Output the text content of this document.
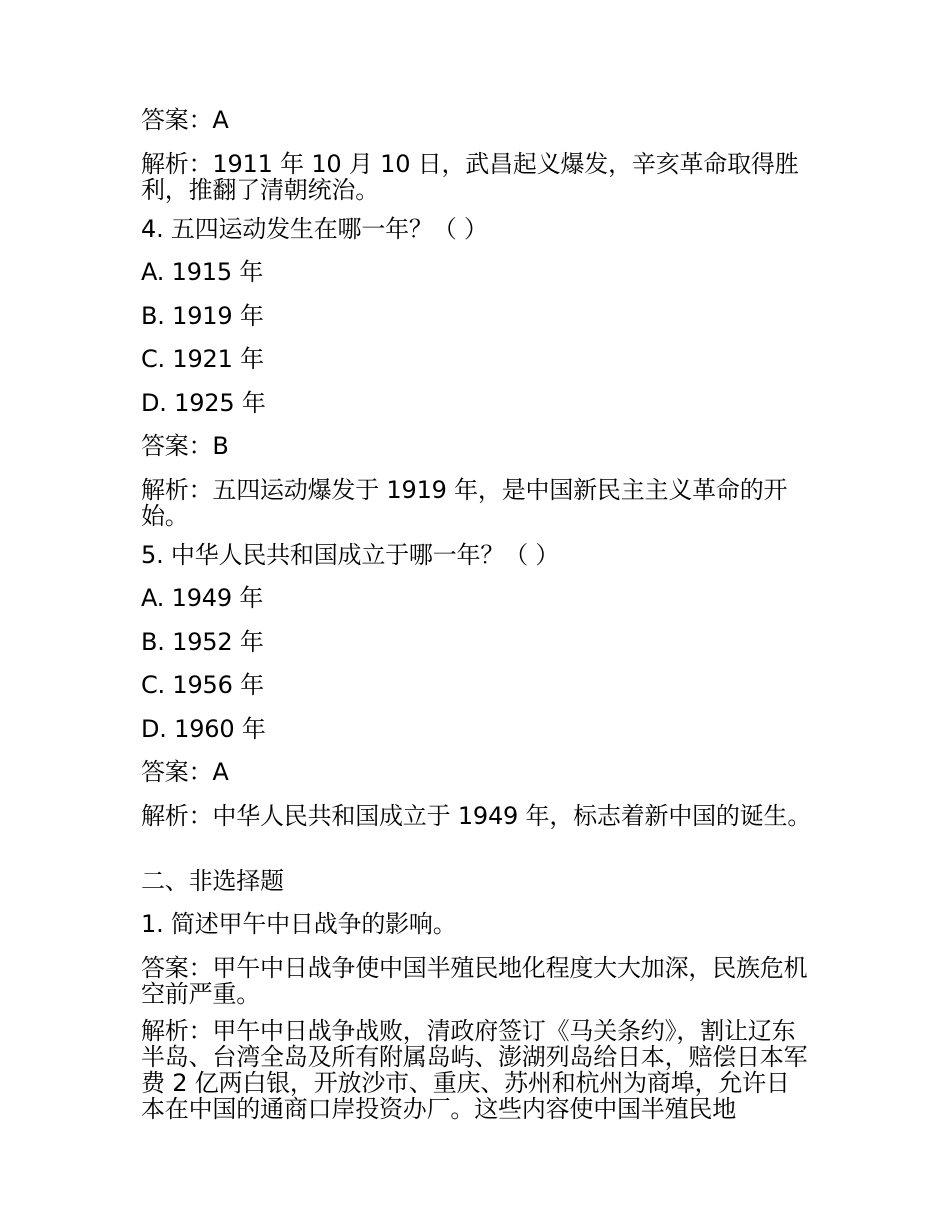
答案：A
解析：1911 年 10 月 10 日，武昌起义爆发，辛亥革命取得胜利，推翻了清朝统治。
4. 五四运动发生在哪一年？（ ）
A. 1915 年
B. 1919 年
C. 1921 年
D. 1925 年
答案：B
解析：五四运动爆发于 1919 年，是中国新民主主义革命的开始。
5. 中华人民共和国成立于哪一年？（ ）
A. 1949 年
B. 1952 年
C. 1956 年
D. 1960 年
答案：A
解析：中华人民共和国成立于 1949 年，标志着新中国的诞生。
二、非选择题
1. 简述甲午中日战争的影响。
答案：甲午中日战争使中国半殖民地化程度大大加深，民族危机空前严重。
解析：甲午中日战争战败，清政府签订《马关条约》，割让辽东半岛、台湾全岛及所有附属岛屿、澎湖列岛给日本，赔偿日本军费 2 亿两白银，开放沙市、重庆、苏州和杭州为商埠，允许日本在中国的通商口岸投资办厂。这些内容使中国半殖民地
